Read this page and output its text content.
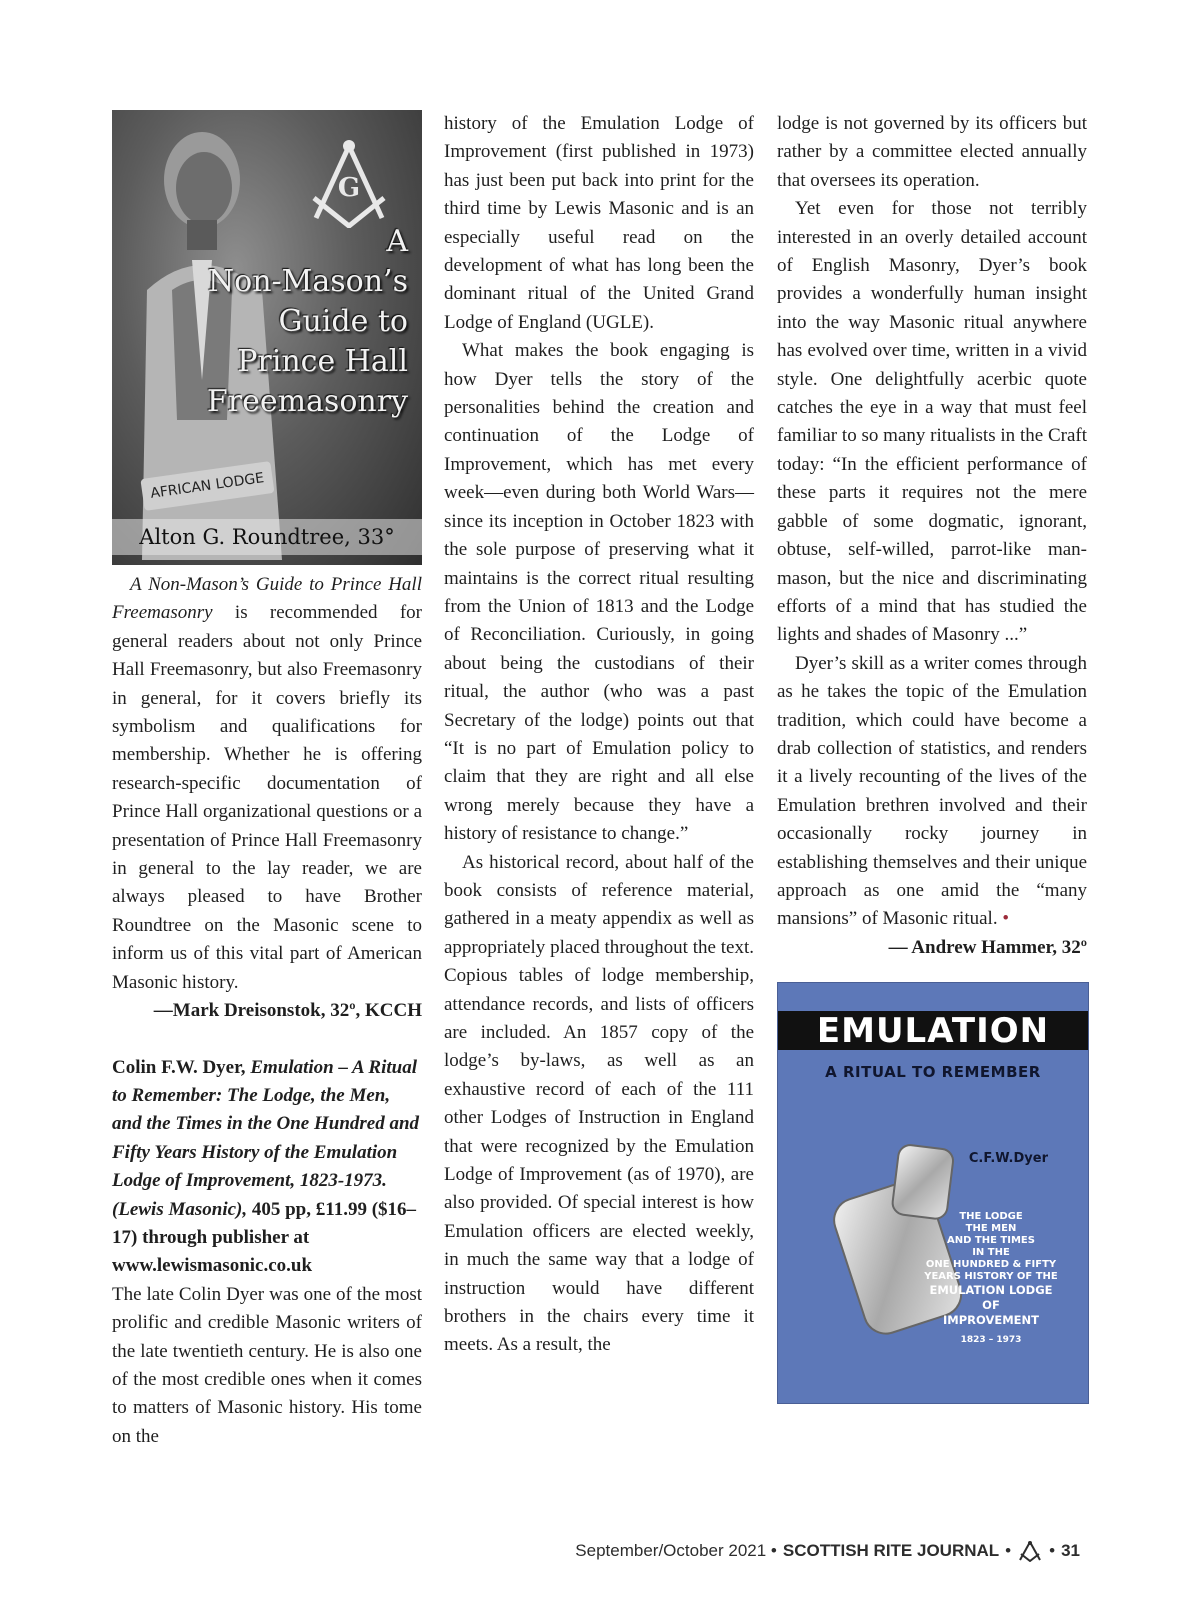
G
A
Non-Mason’s
Guide to
Prince Hall
Freemasonry
AFRICAN LODGE
Alton G. Roundtree, 33°

A Non-Mason’s Guide to Prince Hall Freemasonry is recommended for general readers about not only Prince Hall Freemasonry, but also Freemasonry in general, for it covers briefly its symbolism and qualifications for membership. Whether he is offering research-specific documentation of Prince Hall organizational questions or a presentation of Prince Hall Freemasonry in general to the lay reader, we are always pleased to have Brother Roundtree on the Masonic scene to inform us of this vital part of American Masonic history.

—Mark Dreisonstok, 32º, KCCH

Colin F.W. Dyer, Emulation – A Ritual to Remember: The Lodge, the Men, and the Times in the One Hundred and Fifty Years History of the Emulation Lodge of Improvement, 1823-1973. (Lewis Masonic), 405 pp, £11.99 ($16–17) through publisher at www.lewismasonic.co.uk

The late Colin Dyer was one of the most prolific and credible Masonic writers of the late twentieth century. He is also one of the most credible ones when it comes to matters of Masonic history. His tome on the

history of the Emulation Lodge of Improvement (first published in 1973) has just been put back into print for the third time by Lewis Masonic and is an especially useful read on the development of what has long been the dominant ritual of the United Grand Lodge of England (UGLE).

What makes the book engaging is how Dyer tells the story of the personalities behind the creation and continuation of the Lodge of Improvement, which has met every week—even during both World Wars—since its inception in October 1823 with the sole purpose of preserving what it maintains is the correct ritual resulting from the Union of 1813 and the Lodge of Reconciliation. Curiously, in going about being the custodians of their ritual, the author (who was a past Secretary of the lodge) points out that “It is no part of Emulation policy to claim that they are right and all else wrong merely because they have a history of resistance to change.”

As historical record, about half of the book consists of reference material, gathered in a meaty appendix as well as appropriately placed throughout the text. Copious tables of lodge membership, attendance records, and lists of officers are included. An 1857 copy of the lodge’s by-laws, as well as an exhaustive record of each of the 111 other Lodges of Instruction in England that were recognized by the Emulation Lodge of Improvement (as of 1970), are also provided. Of special interest is how Emulation officers are elected weekly, in much the same way that a lodge of instruction would have different brothers in the chairs every time it meets. As a result, the

lodge is not governed by its officers but rather by a committee elected annually that oversees its operation.

Yet even for those not terribly interested in an overly detailed account of English Masonry, Dyer’s book provides a wonderfully human insight into the way Masonic ritual anywhere has evolved over time, written in a vivid style. One delightfully acerbic quote catches the eye in a way that must feel familiar to so many ritualists in the Craft today: “In the efficient performance of these parts it requires not the mere gabble of some dogmatic, ignorant, obtuse, self-willed, parrot-like man-mason, but the nice and discriminating efforts of a mind that has studied the lights and shades of Masonry ...”

Dyer’s skill as a writer comes through as he takes the topic of the Emulation tradition, which could have become a drab collection of statistics, and renders it a lively recounting of the lives of the Emulation brethren involved and their occasionally rocky journey in establishing themselves and their unique approach as one amid the “many mansions” of Masonic ritual. •

— Andrew Hammer, 32º

EMULATION
A RITUAL TO REMEMBER
C.F.W.Dyer
THE LODGE
THE MEN
AND THE TIMES
IN THE
ONE HUNDRED & FIFTY
YEARS HISTORY OF THE
EMULATION LODGE
OF
IMPROVEMENT
1823 – 1973
September/October 2021 • SCOTTISH RITE JOURNAL • • 31
